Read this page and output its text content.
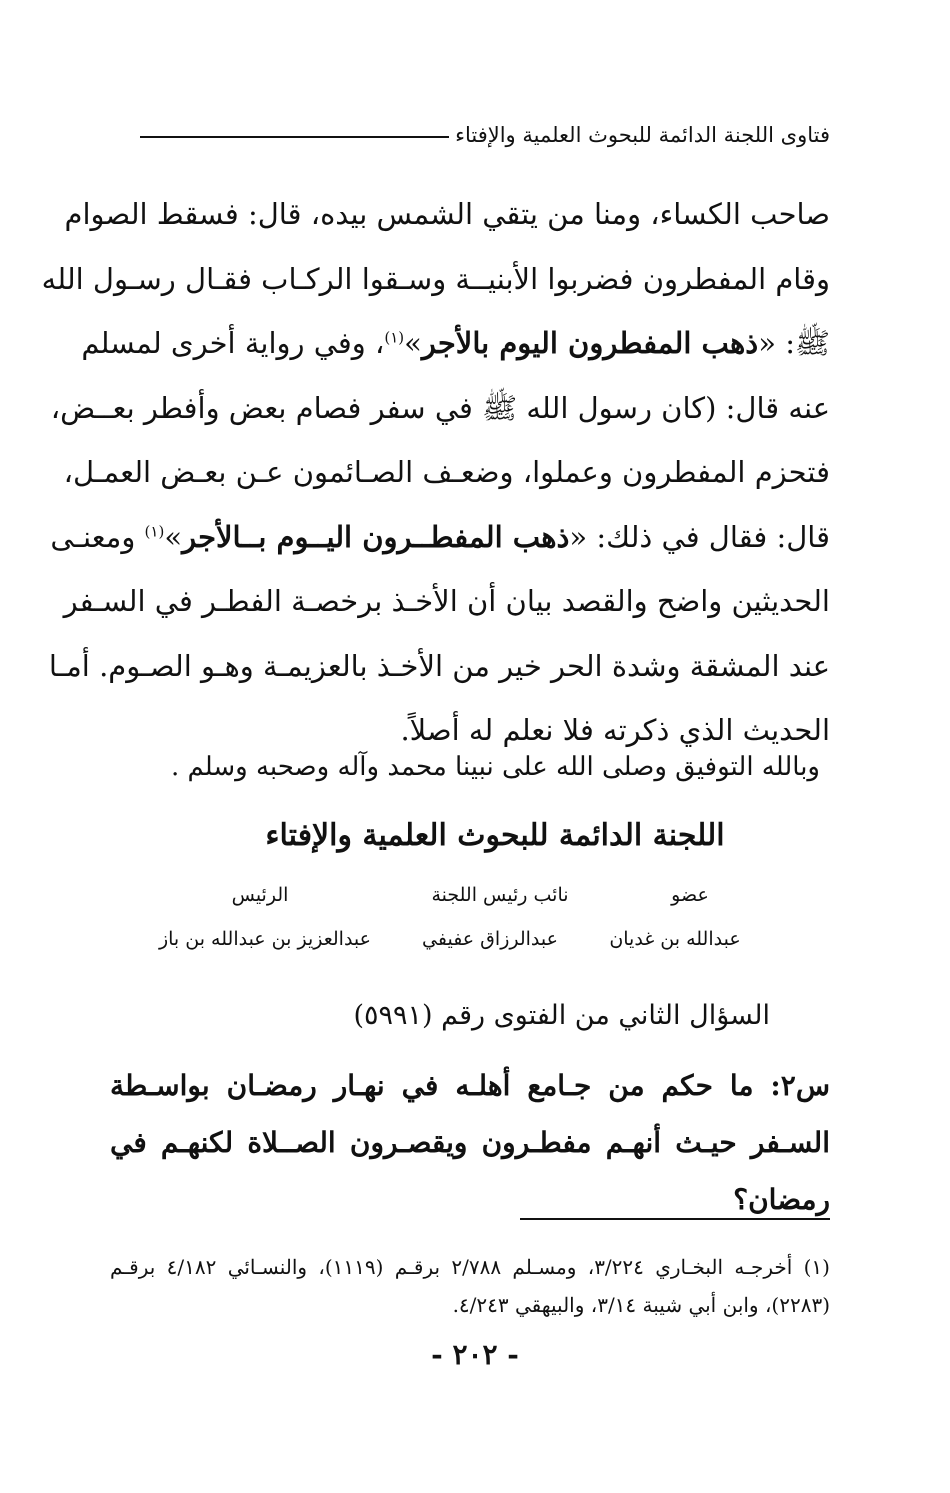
فتاوى اللجنة الدائمة للبحوث العلمية والإفتاء
صاحب الكساء، ومنا من يتقي الشمس بيده، قال: فسقط الصوام
وقام المفطرون فضربوا الأبنيــة وسـقوا الركـاب فقـال رسـول الله
ﷺ: «ذهب المفطرون اليوم بالأجر»$^{(١)}$، وفي رواية أخرى لمسلم
عنه قال: (كان رسول الله ﷺ في سفر فصام بعض وأفطر بعــض،
فتحزم المفطرون وعملوا، وضعـف الصـائمون عـن بعـض العمـل،
قال: فقال في ذلك: «ذهب المفطــرون اليــوم بــالأجر»$^{(١)}$ ومعنـى
الحديثين واضح والقصد بيان أن الأخـذ برخصـة الفطـر في السـفر
عند المشقة وشدة الحر خير من الأخـذ بالعزيمـة وهـو الصـوم. أمـا
الحديث الذي ذكرته فلا نعلم له أصلاً.
وبالله التوفيق وصلى الله على نبينا محمد وآله وصحبه وسلم .
اللجنة الدائمة للبحوث العلمية والإفتاء
عضو
نائب رئيس اللجنة
الرئيس
عبدالله بن غديان
عبدالرزاق عفيفي
عبدالعزيز بن عبدالله بن باز
السؤال الثاني من الفتوى رقم (٥٩٩١)
س٢: ما حكم من جـامع أهلـه في نهـار رمضـان بواسـطة
السـفر حيـث أنهـم مفطـرون ويقصـرون الصــلاة لكنهـم في
رمضان؟
(١) أخرجـه البخـاري ٣/٢٢٤، ومسـلم ٢/٧٨٨ برقـم (١١١٩)، والنسـائي ٤/١٨٢ برقـم
(٢٢٨٣)، وابن أبي شيبة ٣/١٤، والبيهقي ٤/٢٤٣.
- ٢٠٢ -
